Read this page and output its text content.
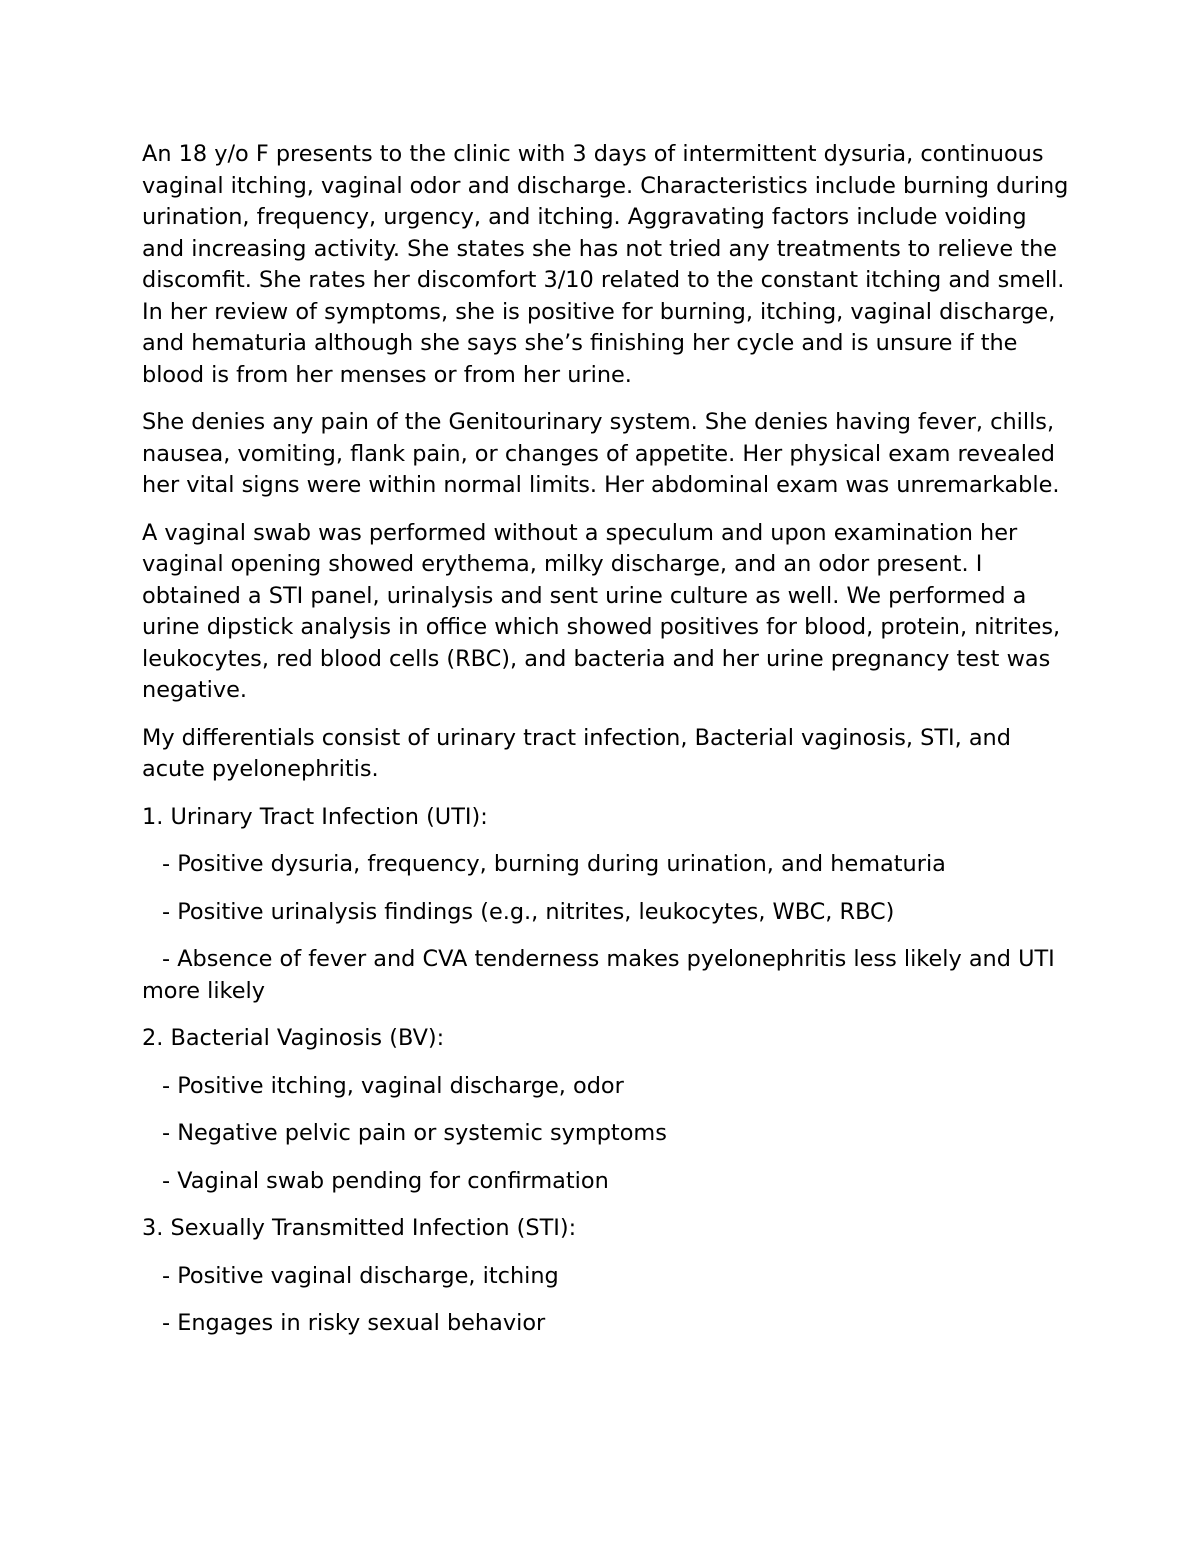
An 18 y/o F presents to the clinic with 3 days of intermittent dysuria, continuous vaginal itching, vaginal odor and discharge. Characteristics include burning during urination, frequency, urgency, and itching. Aggravating factors include voiding and increasing activity. She states she has not tried any treatments to relieve the discomfit. She rates her discomfort 3/10 related to the constant itching and smell. In her review of symptoms, she is positive for burning, itching, vaginal discharge, and hematuria although she says she’s finishing her cycle and is unsure if the blood is from her menses or from her urine.

She denies any pain of the Genitourinary system. She denies having fever, chills, nausea, vomiting, flank pain, or changes of appetite. Her physical exam revealed her vital signs were within normal limits. Her abdominal exam was unremarkable.

A vaginal swab was performed without a speculum and upon examination her vaginal opening showed erythema, milky discharge, and an odor present. I obtained a STI panel, urinalysis and sent urine culture as well. We performed a urine dipstick analysis in office which showed positives for blood, protein, nitrites, leukocytes, red blood cells (RBC), and bacteria and her urine pregnancy test was negative.

My differentials consist of urinary tract infection, Bacterial vaginosis, STI, and acute pyelonephritis.

1. Urinary Tract Infection (UTI):

- Positive dysuria, frequency, burning during urination, and hematuria

- Positive urinalysis findings (e.g., nitrites, leukocytes, WBC, RBC)

- Absence of fever and CVA tenderness makes pyelonephritis less likely and UTI more likely

2. Bacterial Vaginosis (BV):

- Positive itching, vaginal discharge, odor

- Negative pelvic pain or systemic symptoms

- Vaginal swab pending for confirmation

3. Sexually Transmitted Infection (STI):

- Positive vaginal discharge, itching

- Engages in risky sexual behavior
